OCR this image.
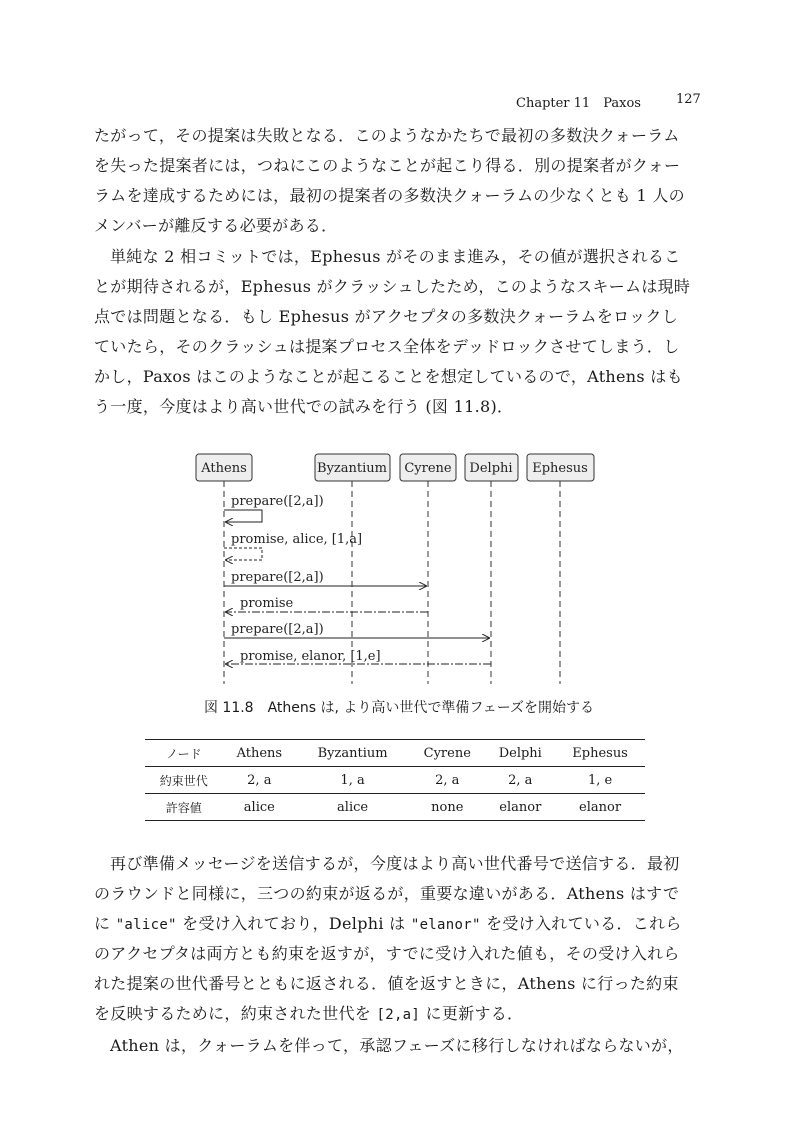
Chapter 11　Paxos	127
たがって，その提案は失敗となる．このようなかたちで最初の多数決クォーラム
を失った提案者には，つねにこのようなことが起こり得る．別の提案者がクォー
ラムを達成するためには，最初の提案者の多数決クォーラムの少なくとも 1 人の
メンバーが離反する必要がある．
単純な 2 相コミットでは，Ephesus がそのまま進み，その値が選択されるこ
とが期待されるが，Ephesus がクラッシュしたため，このようなスキームは現時
点では問題となる．もし Ephesus がアクセプタの多数決クォーラムをロックし
ていたら，そのクラッシュは提案プロセス全体をデッドロックさせてしまう．し
かし，Paxos はこのようなことが起こることを想定しているので，Athens はも
う一度，今度はより高い世代での試みを行う (図 11.8)．
Athens	Byzantium Cyrene Delphi Ephesus
prepare([2,a])
promise, alice, [1,a]
prepare([2,a])
promise
prepare([2,a])
promise, elanor, [1,e]
図 11.8　Athens は, より高い世代で準備フェーズを開始する
ノード	Athens	Byzantium	Cyrene	Delphi	Ephesus
約束世代	2, a	1, a	2, a	2, a	1, e
許容値	alice	alice	none	elanor	elanor
再び準備メッセージを送信するが，今度はより高い世代番号で送信する．最初
のラウンドと同様に，三つの約束が返るが，重要な違いがある．Athens はすで
に "alice" を受け入れており，Delphi は "elanor" を受け入れている．これら
のアクセプタは両方とも約束を返すが，すでに受け入れた値も，その受け入れら
れた提案の世代番号とともに返される．値を返すときに，Athens に行った約束
を反映するために，約束された世代を [2,a] に更新する．
Athen は，クォーラムを伴って，承認フェーズに移行しなければならないが，
